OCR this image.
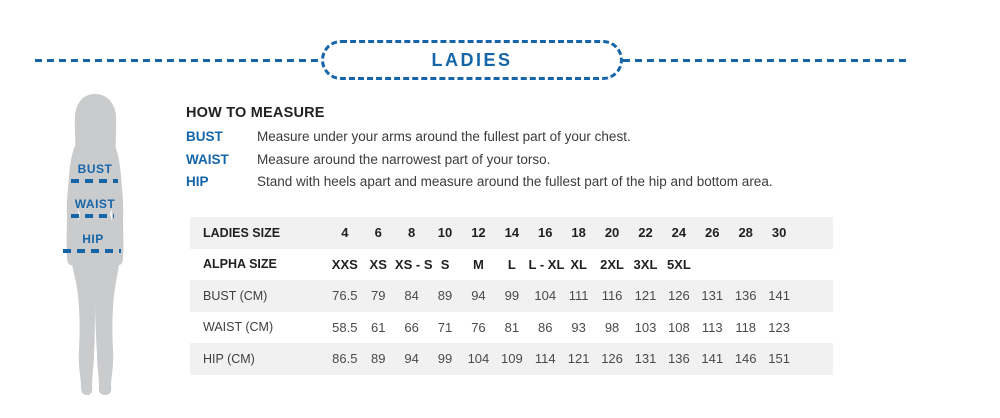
LADIES
BUST
WAIST
HIP
HOW TO MEASURE
BUST	Measure under your arms around the fullest part of your chest.
WAIST	Measure around the narrowest part of your torso.
HIP	Stand with heels apart and measure around the fullest part of the hip and bottom area.
LADIES SIZE	4	6	8	10	12	14	16	18	20	22	24	26	28	30	
ALPHA SIZE	XXS	XS	XS - S	S	M	L	L - XL	XL	2XL	3XL	5XL				
BUST (CM)	76.5	79	84	89	94	99	104	111	116	121	126	131	136	141	
WAIST (CM)	58.5	61	66	71	76	81	86	93	98	103	108	113	118	123	
HIP (CM)	86.5	89	94	99	104	109	114	121	126	131	136	141	146	151	
